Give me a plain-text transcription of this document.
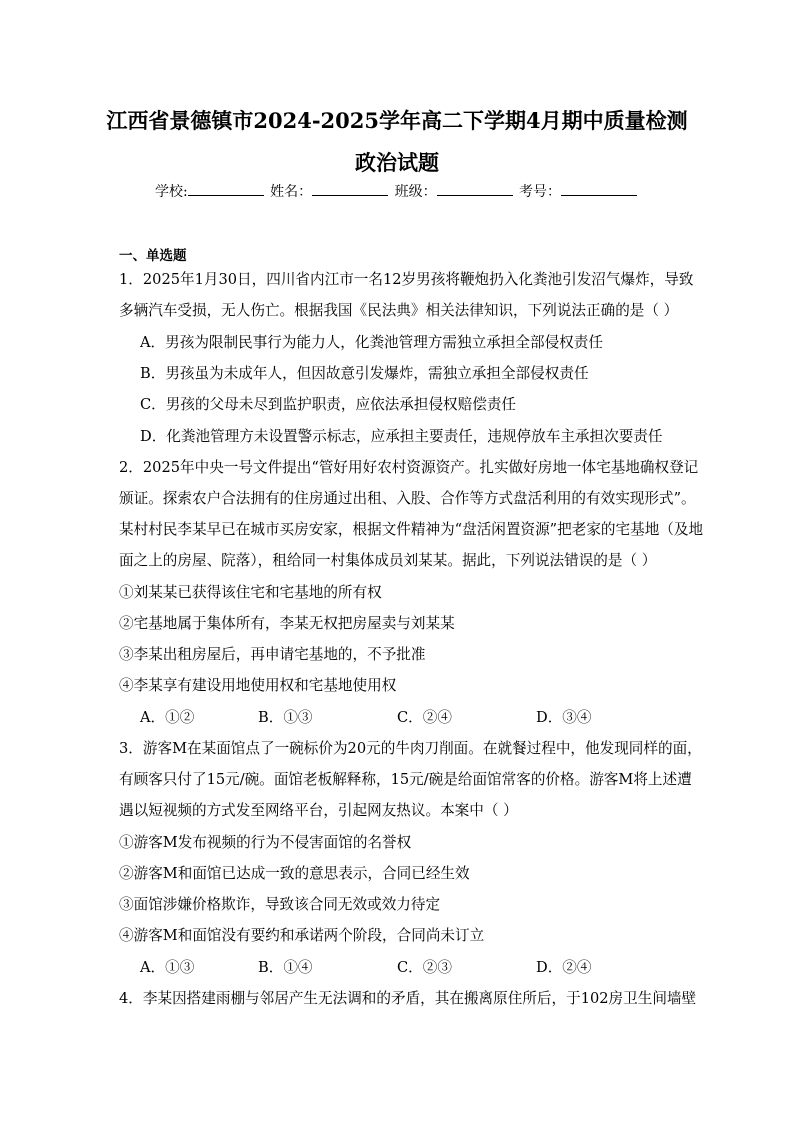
江西省景德镇市2024-2025学年高二下学期4月期中质量检测
政治试题
学校:	姓名：	班级：	考号：
一、单选题
1．2025年1月30日，四川省内江市一名12岁男孩将鞭炮扔入化粪池引发沼气爆炸，导致
多辆汽车受损，无人伤亡。根据我国《民法典》相关法律知识，下列说法正确的是（ ）
A．男孩为限制民事行为能力人，化粪池管理方需独立承担全部侵权责任
B．男孩虽为未成年人，但因故意引发爆炸，需独立承担全部侵权责任
C．男孩的父母未尽到监护职责，应依法承担侵权赔偿责任
D．化粪池管理方未设置警示标志，应承担主要责任，违规停放车主承担次要责任
2．2025年中央一号文件提出“管好用好农村资源资产。扎实做好房地一体宅基地确权登记
颁证。探索农户合法拥有的住房通过出租、入股、合作等方式盘活利用的有效实现形式”。
某村村民李某早已在城市买房安家，根据文件精神为“盘活闲置资源”把老家的宅基地（及地
面之上的房屋、院落），租给同一村集体成员刘某某。据此，下列说法错误的是（ ）
①刘某某已获得该住宅和宅基地的所有权
②宅基地属于集体所有，李某无权把房屋卖与刘某某
③李某出租房屋后，再申请宅基地的，不予批准
④李某享有建设用地使用权和宅基地使用权
A．①②	B．①③	C．②④	D．③④
3．游客M在某面馆点了一碗标价为20元的牛肉刀削面。在就餐过程中，他发现同样的面，
有顾客只付了15元/碗。面馆老板解释称，15元/碗是给面馆常客的价格。游客M将上述遭
遇以短视频的方式发至网络平台，引起网友热议。本案中（ ）
①游客M发布视频的行为不侵害面馆的名誉权
②游客M和面馆已达成一致的意思表示，合同已经生效
③面馆涉嫌价格欺诈，导致该合同无效或效力待定
④游客M和面馆没有要约和承诺两个阶段，合同尚未订立
A．①③	B．①④	C．②③	D．②④
4．李某因搭建雨棚与邻居产生无法调和的矛盾，其在搬离原住所后，于102房卫生间墙壁
